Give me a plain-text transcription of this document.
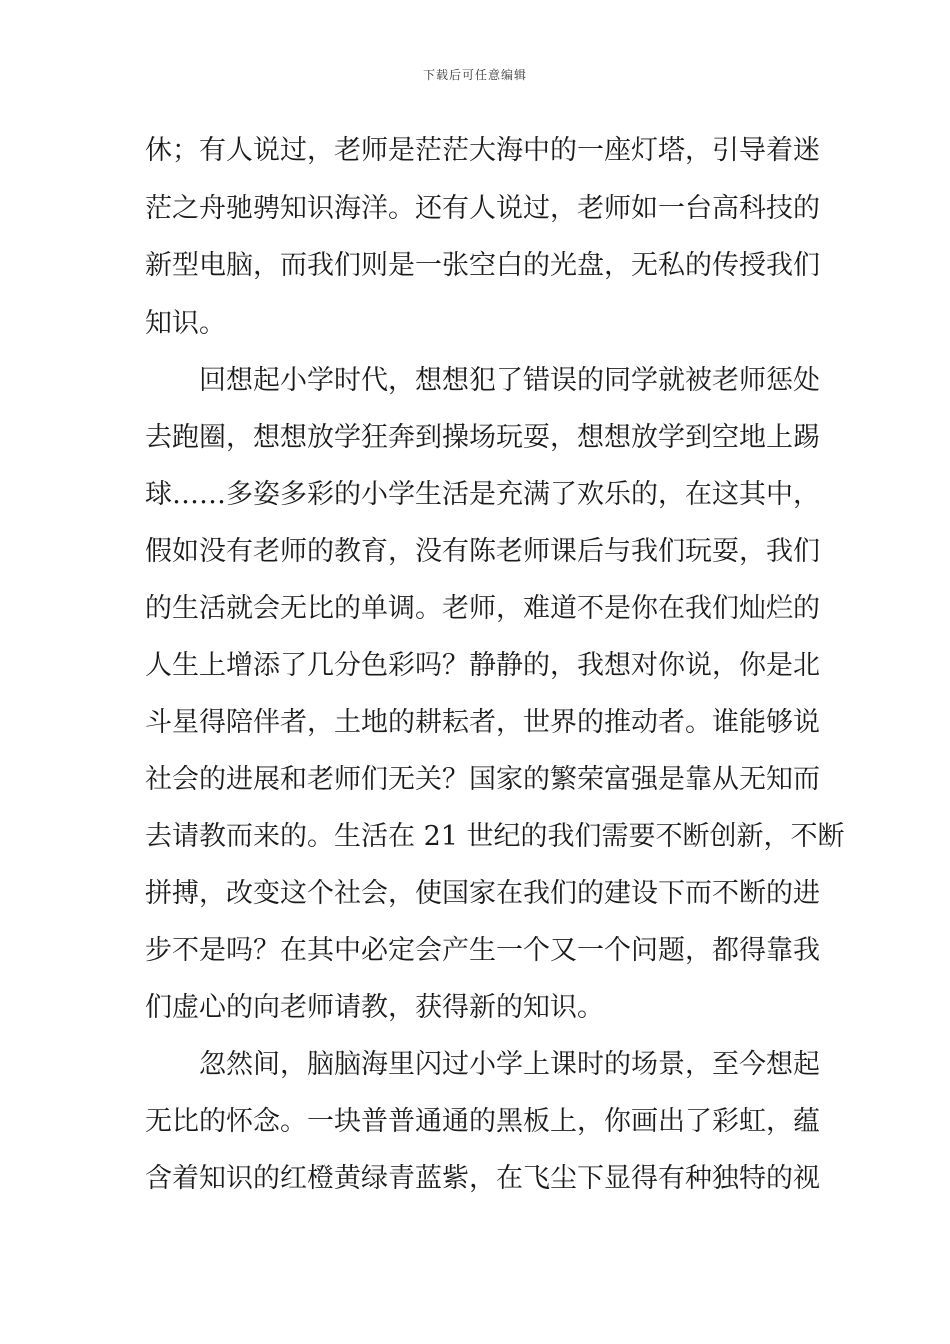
下载后可任意编辑
休；有人说过，老师是茫茫大海中的一座灯塔，引导着迷
茫之舟驰骋知识海洋。还有人说过，老师如一台高科技的
新型电脑，而我们则是一张空白的光盘，无私的传授我们
知识。
回想起小学时代，想想犯了错误的同学就被老师惩处
去跑圈，想想放学狂奔到操场玩耍，想想放学到空地上踢
球……多姿多彩的小学生活是充满了欢乐的，在这其中，
假如没有老师的教育，没有陈老师课后与我们玩耍，我们
的生活就会无比的单调。老师，难道不是你在我们灿烂的
人生上增添了几分色彩吗？静静的，我想对你说，你是北
斗星得陪伴者，土地的耕耘者，世界的推动者。谁能够说
社会的进展和老师们无关？国家的繁荣富强是靠从无知而
去请教而来的。生活在 21 世纪的我们需要不断创新，不断
拼搏，改变这个社会，使国家在我们的建设下而不断的进
步不是吗？在其中必定会产生一个又一个问题，都得靠我
们虚心的向老师请教，获得新的知识。
忽然间，脑脑海里闪过小学上课时的场景，至今想起
无比的怀念。一块普普通通的黑板上，你画出了彩虹，蕴
含着知识的红橙黄绿青蓝紫，在飞尘下显得有种独特的视
